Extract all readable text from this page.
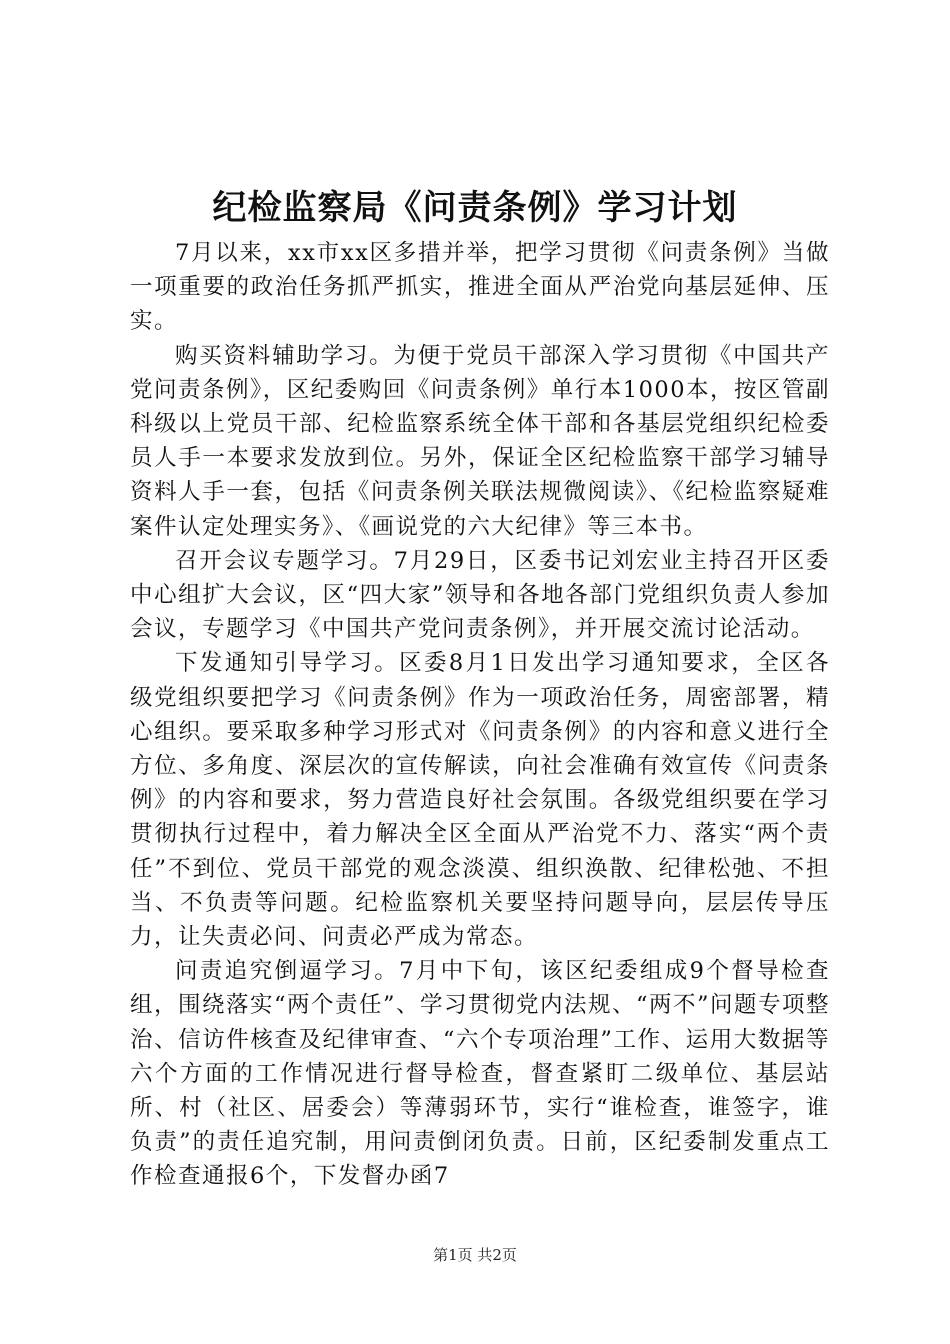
纪检监察局《问责条例》学习计划

7月以来，xx市xx区多措并举，把学习贯彻《问责条例》当做一项重要的政治任务抓严抓实，推进全面从严治党向基层延伸、压实。

购买资料辅助学习。为便于党员干部深入学习贯彻《中国共产党问责条例》，区纪委购回《问责条例》单行本1000本，按区管副科级以上党员干部、纪检监察系统全体干部和各基层党组织纪检委员人手一本要求发放到位。另外，保证全区纪检监察干部学习辅导资料人手一套，包括《问责条例关联法规微阅读》、《纪检监察疑难案件认定处理实务》、《画说党的六大纪律》等三本书。

召开会议专题学习。7月29日，区委书记刘宏业主持召开区委中心组扩大会议，区“四大家”领导和各地各部门党组织负责人参加会议，专题学习《中国共产党问责条例》，并开展交流讨论活动。

下发通知引导学习。区委8月1日发出学习通知要求，全区各级党组织要把学习《问责条例》作为一项政治任务，周密部署，精心组织。要采取多种学习形式对《问责条例》的内容和意义进行全方位、多角度、深层次的宣传解读，向社会准确有效宣传《问责条例》的内容和要求，努力营造良好社会氛围。各级党组织要在学习贯彻执行过程中，着力解决全区全面从严治党不力、落实“两个责任”不到位、党员干部党的观念淡漠、组织涣散、纪律松弛、不担当、不负责等问题。纪检监察机关要坚持问题导向，层层传导压力，让失责必问、问责必严成为常态。

问责追究倒逼学习。7月中下旬，该区纪委组成9个督导检查组，围绕落实“两个责任”、学习贯彻党内法规、“两不”问题专项整治、信访件核查及纪律审查、“六个专项治理”工作、运用大数据等六个方面的工作情况进行督导检查，督查紧盯二级单位、基层站所、村（社区、居委会）等薄弱环节，实行“谁检查，谁签字，谁负责”的责任追究制，用问责倒闭负责。日前，区纪委制发重点工作检查通报6个，下发督办函7

第1页 共2页
